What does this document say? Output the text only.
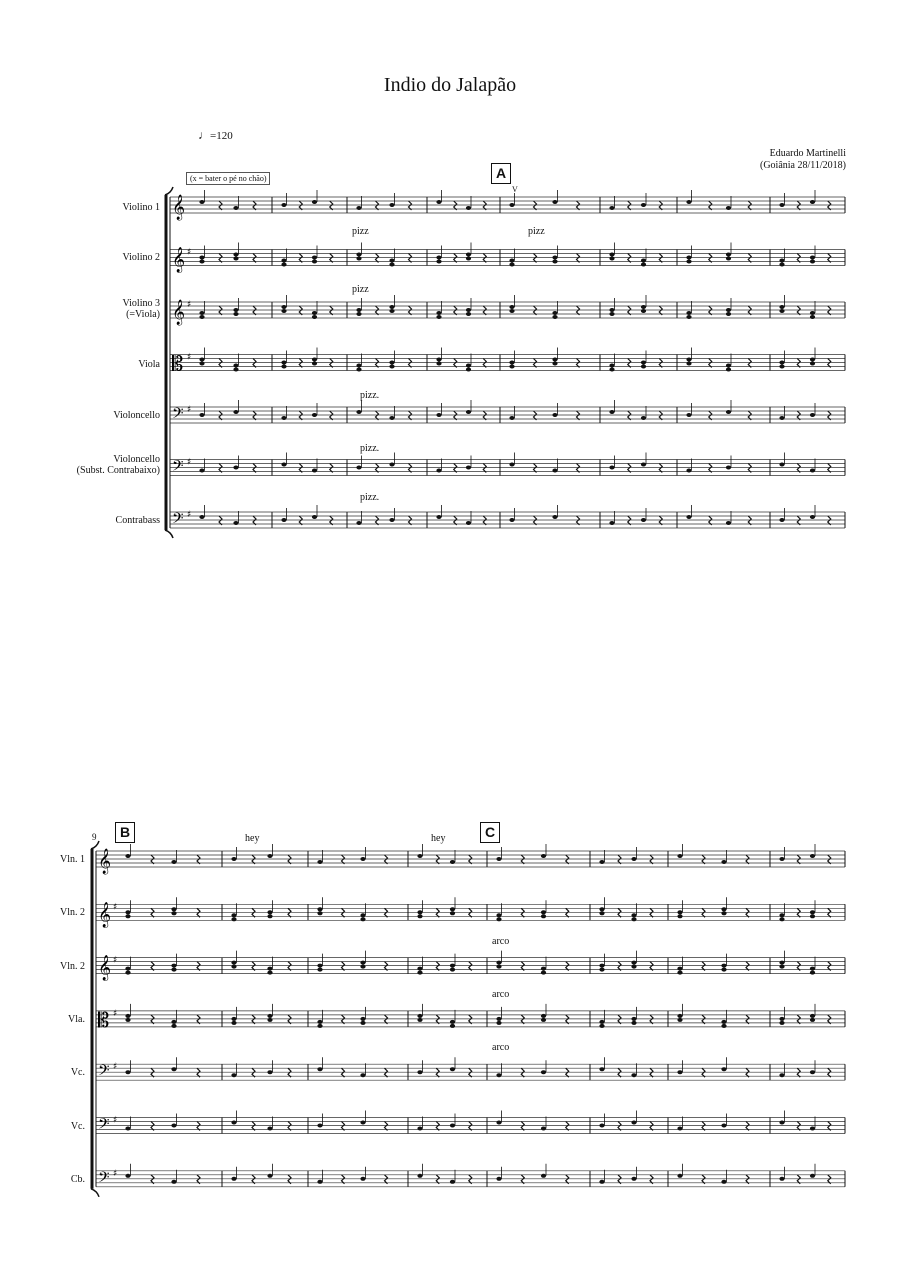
Indio do Jalapão
♩=120
Eduardo Martinelli
(Goiânia 28/11/2018)
(x = bater o pé no chão)
Violino 1
Violino 2
Violino 3
(=Viola)
Viola
Violoncello
Violoncello
(Subst. Contrabaixo)
Contrabass
A
V
pizz	pizz
pizz
pizz.
pizz.
pizz.
Vln. 1
Vln. 2
Vln. 2
Vla.
Vc.
Vc.
Cb.
9	B	C
hey	hey
arco
arco
arco
𝄞
𝄞 ♯
𝄞 ♯
𝄡 ♯
𝄢 ♯
𝄢 ♯
𝄢 ♯
𝄞
𝄞 ♯
𝄞 ♯
𝄡 ♯
𝄢 ♯
𝄢 ♯
𝄢 ♯
